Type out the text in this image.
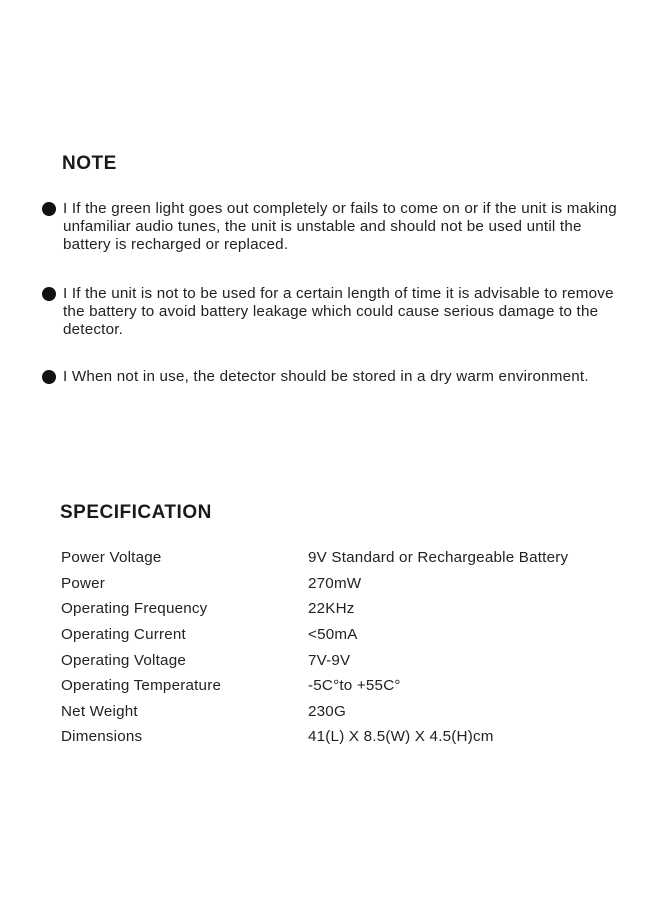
NOTE
I If the green light goes out completely or fails to come on or if the unit is making unfamiliar audio tunes, the unit is unstable and should not be used until the battery is recharged or replaced.
I If the unit is not to be used for a certain length of time it is advisable to remove the battery to avoid battery leakage which could cause serious damage to the detector.
I When not in use, the detector should be stored in a dry warm environment.
SPECIFICATION
Power Voltage	9V Standard or Rechargeable Battery
Power	270mW
Operating Frequency	22KHz
Operating Current	<50mA
Operating Voltage	7V-9V
Operating Temperature	-5C°to +55C°
Net Weight	230G
Dimensions	41(L) X 8.5(W) X 4.5(H)cm
